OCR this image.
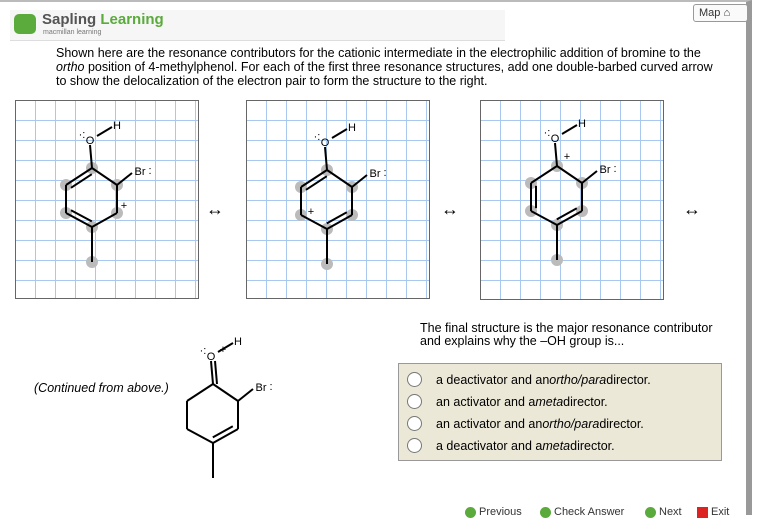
Sapling Learning
macmillan learning
Map ⌂
Shown here are the resonance contributors for the cationic intermediate in the electrophilic addition of bromine to the ortho position of 4-methylphenol. For each of the first three resonance structures, add one double-barbed curved arrow to show the delocalization of the electron pair to form the structure to the right.
↔	↔	↔
O
H
Br
·:
:
+
O
H
Br
·:
:
+
O
H
Br
·:
:
+
O
H
Br
·:
:
+
The final structure is the major resonance contributor and explains why the –OH group is...
(Continued from above.)
a deactivator and an ortho/para director.
an activator and a meta director.
an activator and an ortho/para director.
a deactivator and a meta director.
Previous	Check Answer	Next	Exit
